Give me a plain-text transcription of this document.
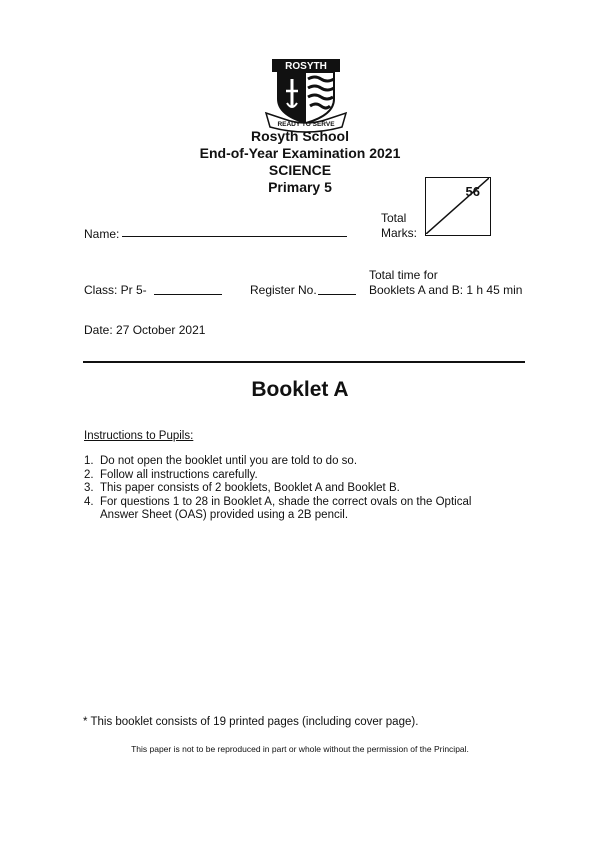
ROSYTH
READY TO SERVE
Rosyth School
End-of-Year Examination 2021
SCIENCE
Primary 5
Total
Marks:
56
Name:
Class: Pr 5-	Register No.
Total time for
Booklets A and B: 1 h 45 min
Date: 27 October 2021
Booklet A
Instructions to Pupils:
1. Do not open the booklet until you are told to do so.
2. Follow all instructions carefully.
3. This paper consists of 2 booklets, Booklet A and Booklet B.
4. For questions 1 to 28 in Booklet A, shade the correct ovals on the Optical Answer Sheet (OAS) provided using a 2B pencil.
* This booklet consists of 19 printed pages (including cover page).
This paper is not to be reproduced in part or whole without the permission of the Principal.
